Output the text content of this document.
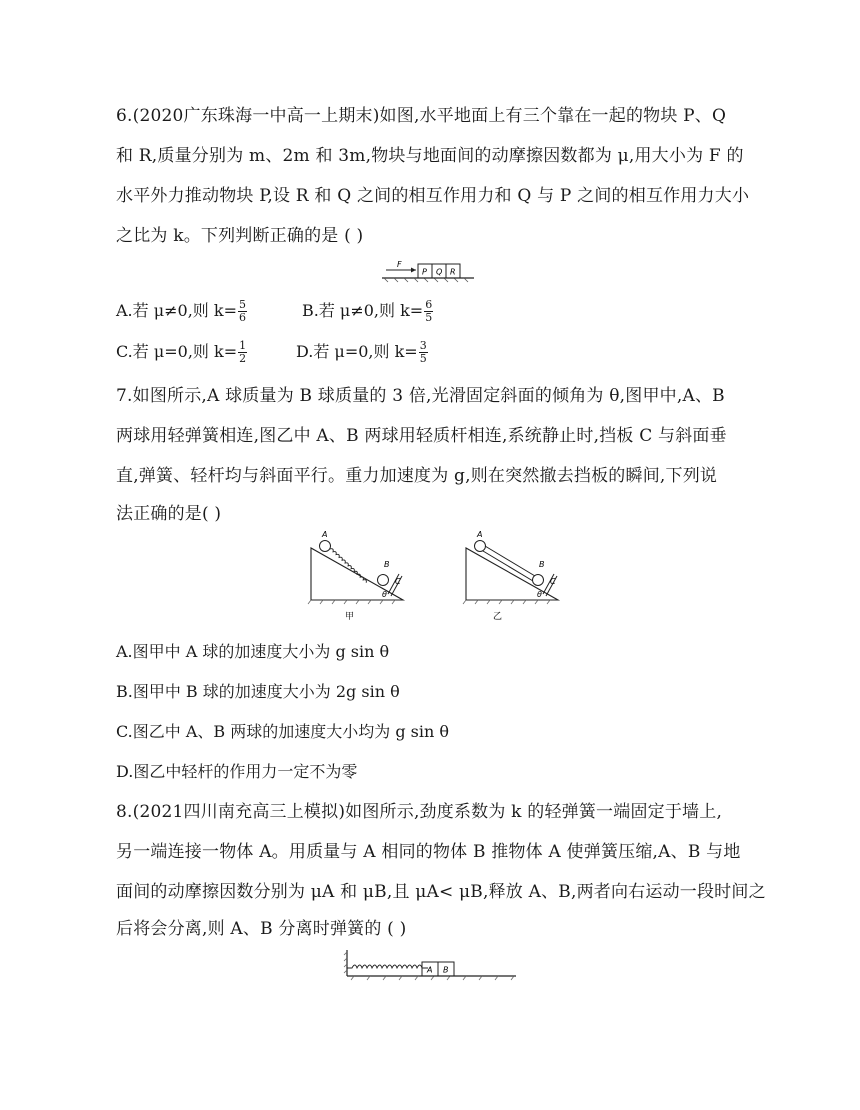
6.(2020广东珠海一中高一上期末)如图,水平地面上有三个靠在一起的物块 P、Q
和 R,质量分别为 m、2m 和 3m,物块与地面间的动摩擦因数都为 μ,用大小为 F 的
水平外力推动物块 P,设 R 和 Q 之间的相互作用力和 Q 与 P 之间的相互作用力大小
之比为 k。下列判断正确的是 ( )
F
P Q R
A.若 μ≠0,则 $k= \frac{5}{6}$	B.若 μ≠0,则 $k= \frac{6}{5}$
C.若 μ=0,则 $k= \frac{1}{2}$	D.若 μ=0,则 $k= \frac{3}{5}$
7.如图所示,A 球质量为 B 球质量的 3 倍,光滑固定斜面的倾角为 θ,图甲中,A、B
两球用轻弹簧相连,图乙中 A、B 两球用轻质杆相连,系统静止时,挡板 C 与斜面垂
直,弹簧、轻杆均与斜面平行。重力加速度为 g,则在突然撤去挡板的瞬间,下列说
法正确的是( )
A
B
C
θ
甲
A
B
C
θ
乙
A.图甲中 A 球的加速度大小为 g sin θ
B.图甲中 B 球的加速度大小为 2g sin θ
C.图乙中 A、B 两球的加速度大小均为 g sin θ
D.图乙中轻杆的作用力一定不为零
8.(2021四川南充高三上模拟)如图所示,劲度系数为 k 的轻弹簧一端固定于墙上,
另一端连接一物体 A。用质量与 A 相同的物体 B 推物体 A 使弹簧压缩,A、B 与地
面间的动摩擦因数分别为 μA 和 μB,且 μA< μB,释放 A、B,两者向右运动一段时间之
后将会分离,则 A、B 分离时弹簧的 ( )
A B
